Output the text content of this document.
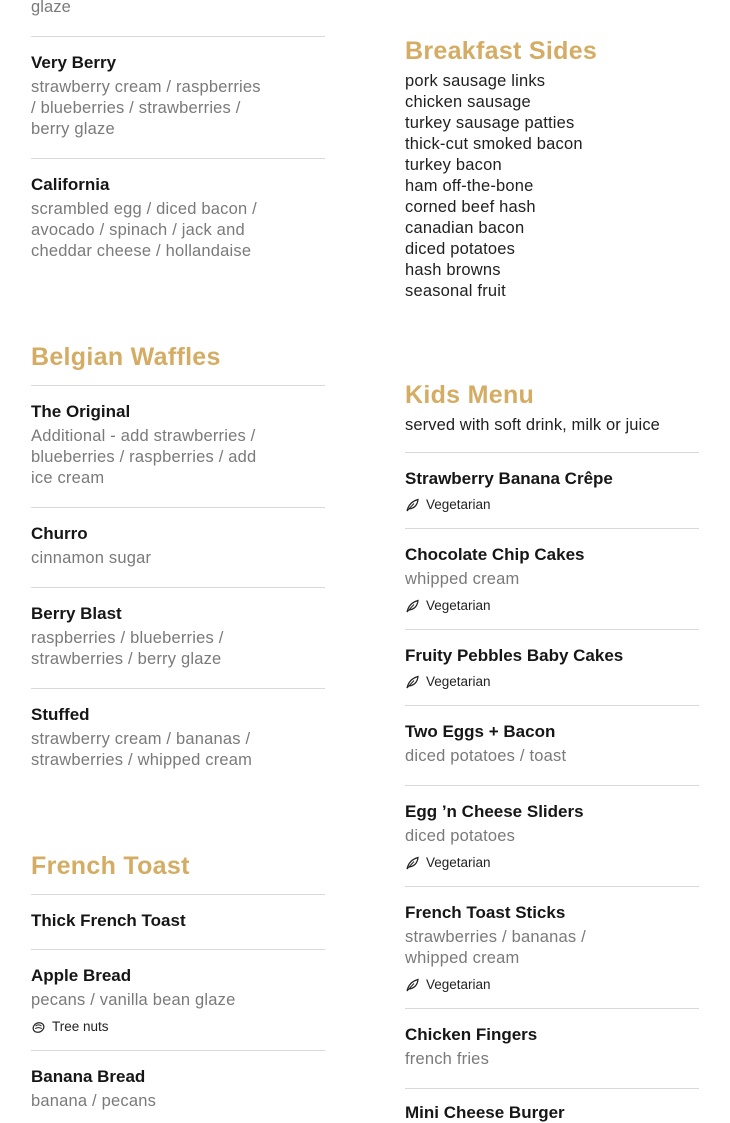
glaze
Very Berry
strawberry cream / raspberries / blueberries / strawberries / berry glaze
California
scrambled egg / diced bacon / avocado / spinach / jack and cheddar cheese / hollandaise
Belgian Waffles
The Original
Additional - add strawberries / blueberries / raspberries / add ice cream
Churro
cinnamon sugar
Berry Blast
raspberries / blueberries / strawberries / berry glaze
Stuffed
strawberry cream / bananas / strawberries / whipped cream
French Toast
Thick French Toast
Apple Bread
pecans / vanilla bean glaze
Tree nuts
Banana Bread
banana / pecans
Breakfast Sides
pork sausage links
chicken sausage
turkey sausage patties
thick-cut smoked bacon
turkey bacon
ham off-the-bone
corned beef hash
canadian bacon
diced potatoes
hash browns
seasonal fruit
Kids Menu
served with soft drink, milk or juice
Strawberry Banana Crêpe
Vegetarian
Chocolate Chip Cakes
whipped cream
Vegetarian
Fruity Pebbles Baby Cakes
Vegetarian
Two Eggs + Bacon
diced potatoes / toast
Egg ’n Cheese Sliders
diced potatoes
Vegetarian
French Toast Sticks
strawberries / bananas / whipped cream
Vegetarian
Chicken Fingers
french fries
Mini Cheese Burger
